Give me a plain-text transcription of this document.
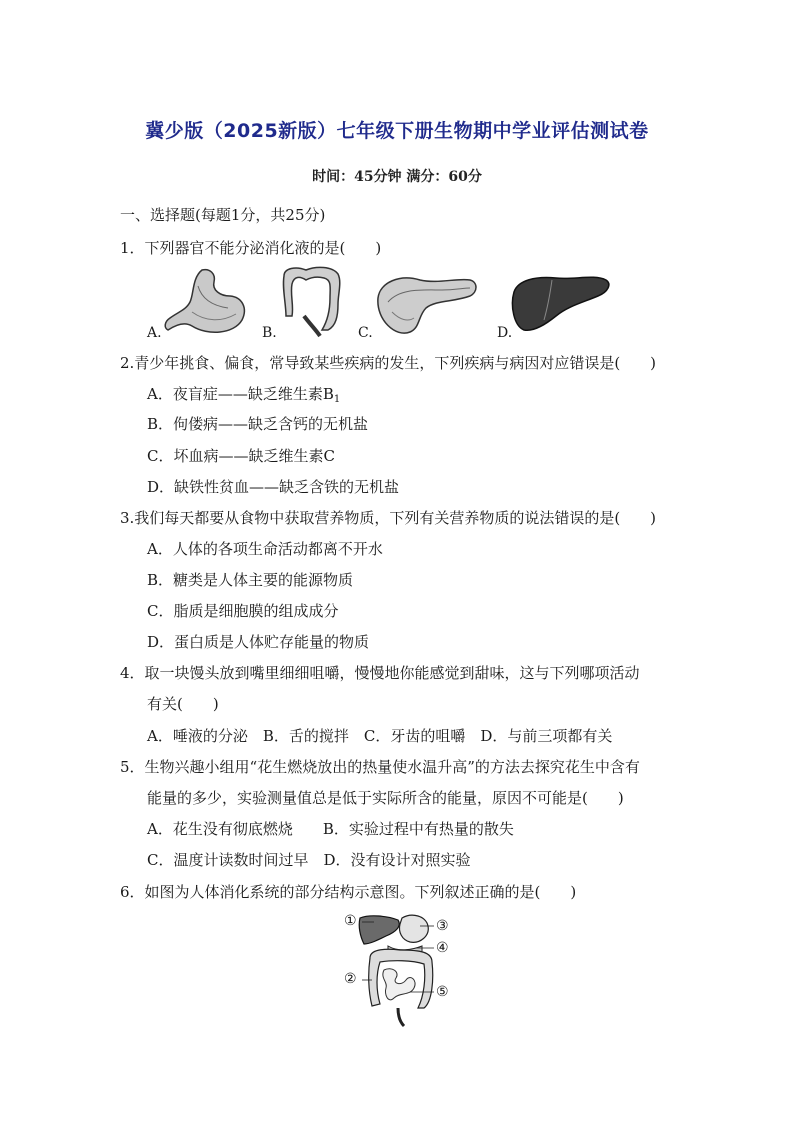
冀少版（2025新版）七年级下册生物期中学业评估测试卷
时间：45分钟 满分：60分
一、选择题(每题1分，共25分)
1．下列器官不能分泌消化液的是(　　)
A.	B.	C.	D.
2.青少年挑食、偏食，常导致某些疾病的发生，下列疾病与病因对应错误是(　　)
A．夜盲症——缺乏维生素$B_1$
B．佝偻病——缺乏含钙的无机盐
C．坏血病——缺乏维生素C
D．缺铁性贫血——缺乏含铁的无机盐
3.我们每天都要从食物中获取营养物质，下列有关营养物质的说法错误的是(　　)
A．人体的各项生命活动都离不开水
B．糖类是人体主要的能源物质
C．脂质是细胞膜的组成成分
D．蛋白质是人体贮存能量的物质
4．取一块馒头放到嘴里细细咀嚼，慢慢地你能感觉到甜味，这与下列哪项活动
有关(　　)
A．唾液的分泌　B．舌的搅拌　C．牙齿的咀嚼　D．与前三项都有关
5．生物兴趣小组用“花生燃烧放出的热量使水温升高”的方法去探究花生中含有
能量的多少，实验测量值总是低于实际所含的能量，原因不可能是(　　)
A．花生没有彻底燃烧　　B．实验过程中有热量的散失
C．温度计读数时间过早　D．没有设计对照实验
6．如图为人体消化系统的部分结构示意图。下列叙述正确的是(　　)
①
②
③
④
⑤
